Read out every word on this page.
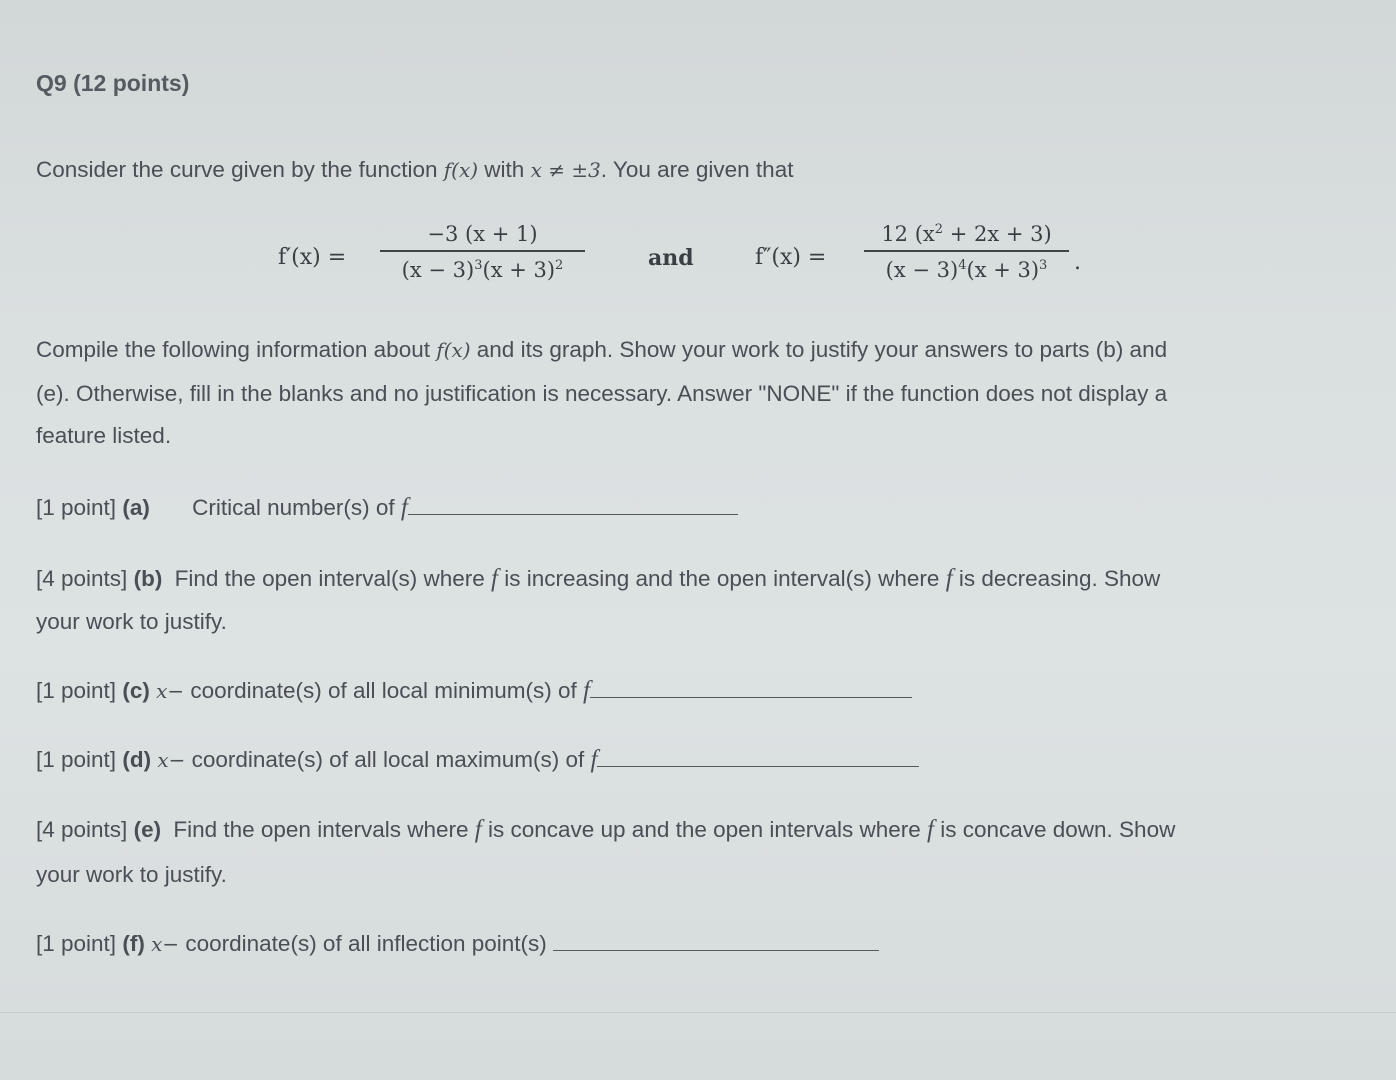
Q9 (12 points)
Consider the curve given by the function f(x) with x ≠ ±3. You are given that
f′(x) =
−3 (x + 1)
$(x - 3)^3(x + 3)^2$	and	f″(x) =
12 $(x^2 + 2x + 3)$
$(x - 3)^4(x + 3)^3$ .
Compile the following information about f(x) and its graph. Show your work to justify your answers to parts (b) and
(e). Otherwise, fill in the blanks and no justification is necessary. Answer "NONE" if the function does not display a
feature listed.
[1 point] (a) Critical number(s) of f
[4 points] (b) Find the open interval(s) where f is increasing and the open interval(s) where f is decreasing. Show
your work to justify.
[1 point] (c) x− coordinate(s) of all local minimum(s) of f
[1 point] (d) x− coordinate(s) of all local maximum(s) of f
[4 points] (e) Find the open intervals where f is concave up and the open intervals where f is concave down. Show
your work to justify.
[1 point] (f) x− coordinate(s) of all inflection point(s)
